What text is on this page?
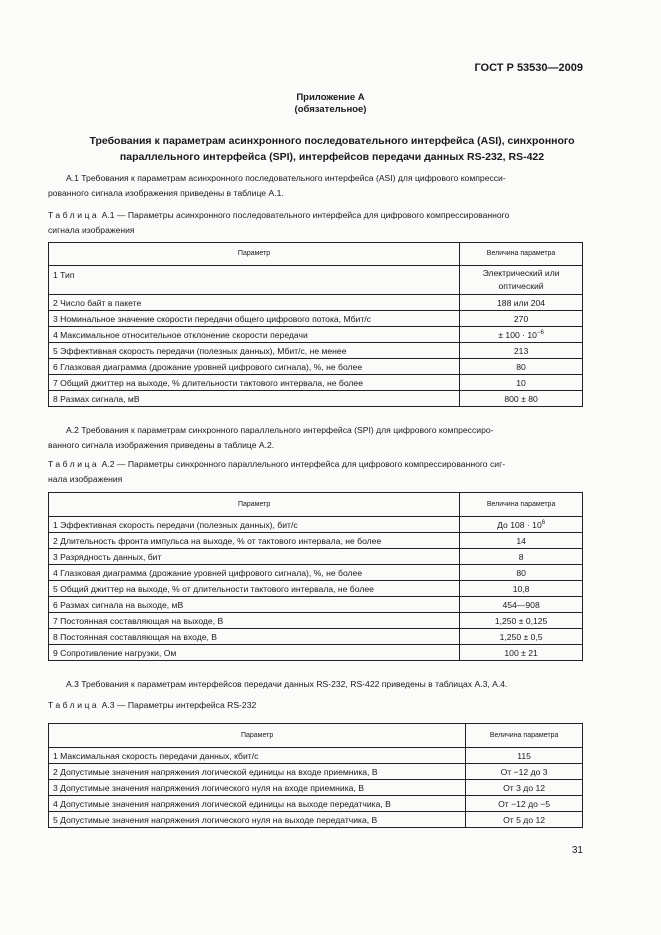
ГОСТ Р 53530—2009
Приложение А
(обязательное)
Требования к параметрам асинхронного последовательного интерфейса (ASI), синхронного
параллельного интерфейса (SPI), интерфейсов передачи данных RS-232, RS-422
А.1 Требования к параметрам асинхронного последовательного интерфейса (ASI) для цифрового компресси-
рованного сигнала изображения приведены в таблице А.1.
Таблица А.1 — Параметры асинхронного последовательного интерфейса для цифрового компрессированного
сигнала изображения
Параметр	Величина параметра
1 Тип	Электрический или оптический
2 Число байт в пакете	188 или 204
3 Номинальное значение скорости передачи общего цифрового потока, Мбит/с	270
4 Максимальное относительное отклонение скорости передачи	± $100 \cdot 10^{-6}$
5 Эффективная скорость передачи (полезных данных), Мбит/с, не менее	213
6 Глазковая диаграмма (дрожание уровней цифрового сигнала), %, не более	80
7 Общий джиттер на выходе, % длительности тактового интервала, не более	10
8 Размах сигнала, мВ	800 ± 80
А.2 Требования к параметрам синхронного параллельного интерфейса (SPI) для цифрового компрессиро-
ванного сигнала изображения приведены в таблице А.2.
Таблица А.2 — Параметры синхронного параллельного интерфейса для цифрового компрессированного сиг-
нала изображения
Параметр	Величина параметра
1 Эффективная скорость передачи (полезных данных), бит/с	До $108 \cdot 10^6$
2 Длительность фронта импульса на выходе, % от тактового интервала, не более	14
3 Разрядность данных, бит	8
4 Глазковая диаграмма (дрожание уровней цифрового сигнала), %, не более	80
5 Общий джиттер на выходе, % от длительности тактового интервала, не более	10,8
6 Размах сигнала на выходе, мВ	454—908
7 Постоянная составляющая на выходе, В	1,250 ± 0,125
8 Постоянная составляющая на входе, В	1,250 ± 0,5
9 Сопротивление нагрузки, Ом	100 ± 21
А.3 Требования к параметрам интерфейсов передачи данных RS-232, RS-422 приведены в таблицах А.3, А.4.
Таблица А.3 — Параметры интерфейса RS-232
Параметр	Величина параметра
1 Максимальная скорость передачи данных, кбит/с	115
2 Допустимые значения напряжения логической единицы на входе приемника, В	От −12 до 3
3 Допустимые значения напряжения логического нуля на входе приемника, В	От 3 до 12
4 Допустимые значения напряжения логической единицы на выходе передатчика, В	От −12 до −5
5 Допустимые значения напряжения логического нуля на выходе передатчика, В	От 5 до 12
31
